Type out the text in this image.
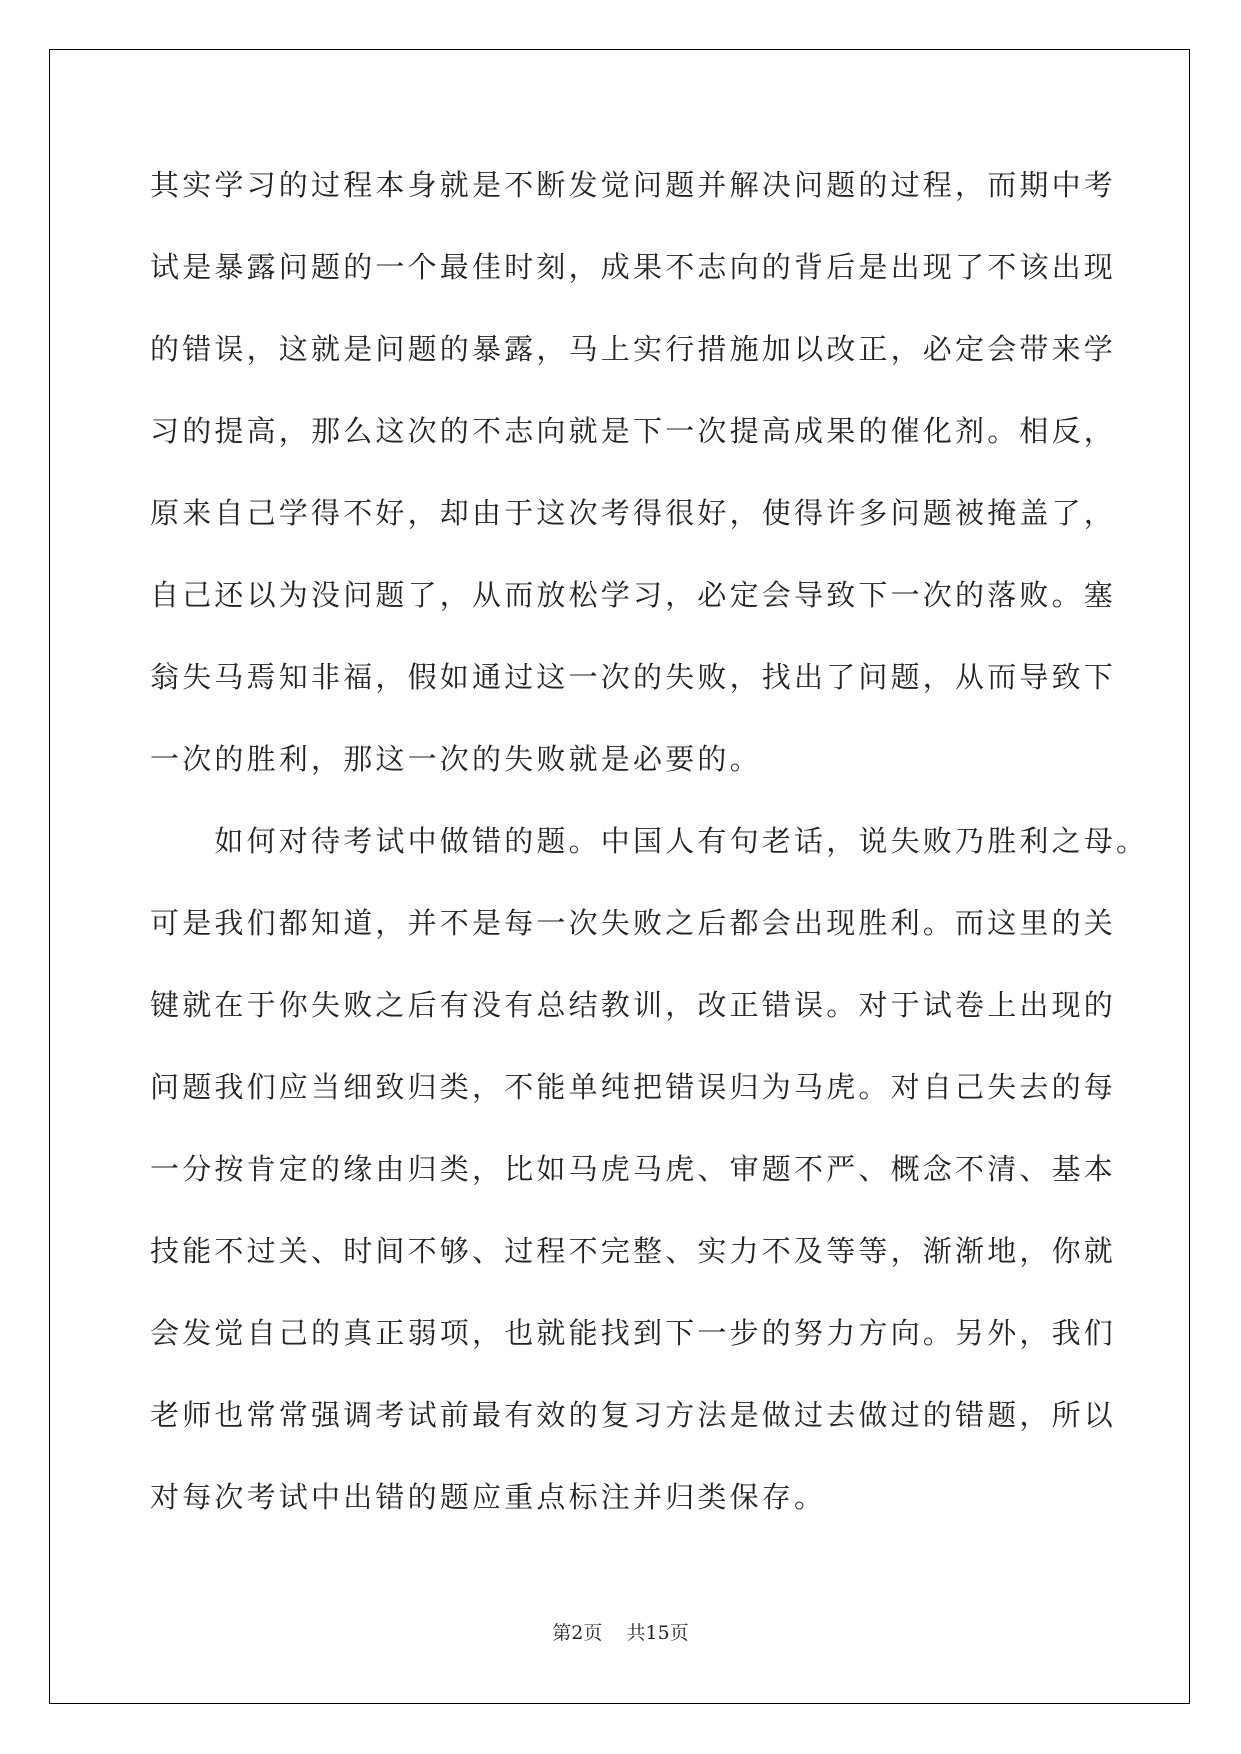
其实学习的过程本身就是不断发觉问题并解决问题的过程，而期中考
试是暴露问题的一个最佳时刻，成果不志向的背后是出现了不该出现
的错误，这就是问题的暴露，马上实行措施加以改正，必定会带来学
习的提高，那么这次的不志向就是下一次提高成果的催化剂。相反，
原来自己学得不好，却由于这次考得很好，使得许多问题被掩盖了，
自己还以为没问题了，从而放松学习，必定会导致下一次的落败。塞
翁失马焉知非福，假如通过这一次的失败，找出了问题，从而导致下
一次的胜利，那这一次的失败就是必要的。
　　如何对待考试中做错的题。中国人有句老话，说失败乃胜利之母。
可是我们都知道，并不是每一次失败之后都会出现胜利。而这里的关
键就在于你失败之后有没有总结教训，改正错误。对于试卷上出现的
问题我们应当细致归类，不能单纯把错误归为马虎。对自己失去的每
一分按肯定的缘由归类，比如马虎马虎、审题不严、概念不清、基本
技能不过关、时间不够、过程不完整、实力不及等等，渐渐地，你就
会发觉自己的真正弱项，也就能找到下一步的努力方向。另外，我们
老师也常常强调考试前最有效的复习方法是做过去做过的错题，所以
对每次考试中出错的题应重点标注并归类保存。
第2页 共15页
